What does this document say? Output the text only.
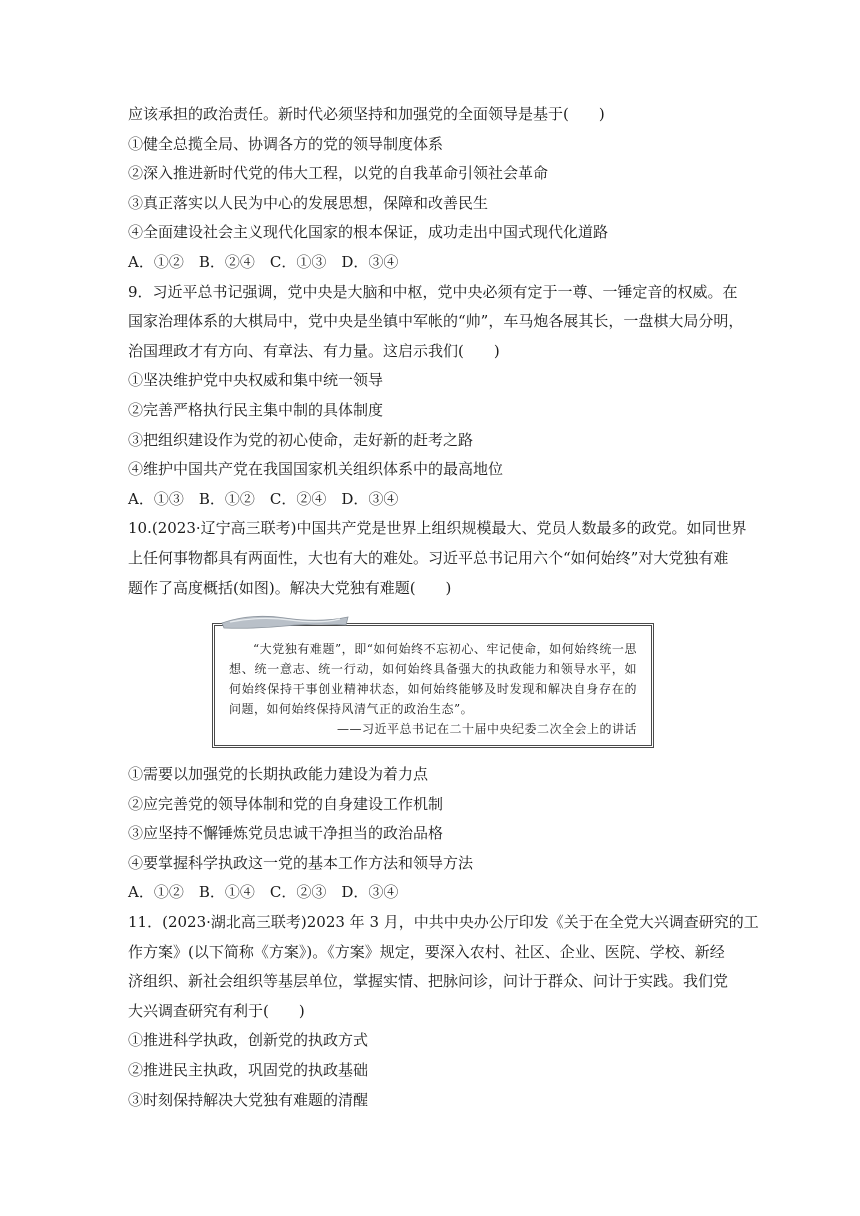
应该承担的政治责任。新时代必须坚持和加强党的全面领导是基于(　　)
①健全总揽全局、协调各方的党的领导制度体系
②深入推进新时代党的伟大工程，以党的自我革命引领社会革命
③真正落实以人民为中心的发展思想，保障和改善民生
④全面建设社会主义现代化国家的根本保证，成功走出中国式现代化道路
A．①②　B．②④　C．①③　D．③④
9．习近平总书记强调，党中央是大脑和中枢，党中央必须有定于一尊、一锤定音的权威。在
国家治理体系的大棋局中，党中央是坐镇中军帐的“帅”，车马炮各展其长，一盘棋大局分明，
治国理政才有方向、有章法、有力量。这启示我们(　　)
①坚决维护党中央权威和集中统一领导
②完善严格执行民主集中制的具体制度
③把组织建设作为党的初心使命，走好新的赶考之路
④维护中国共产党在我国国家机关组织体系中的最高地位
A．①③　B．①②　C．②④　D．③④
10.(2023·辽宁高三联考)中国共产党是世界上组织规模最大、党员人数最多的政党。如同世界
上任何事物都具有两面性，大也有大的难处。习近平总书记用六个“如何始终”对大党独有难
题作了高度概括(如图)。解决大党独有难题(　　)
“大党独有难题”，即“如何始终不忘初心、牢记使命，如何始终统一思想、统一意志、统一行动，如何始终具备强大的执政能力和领导水平，如何始终保持干事创业精神状态，如何始终能够及时发现和解决自身存在的问题，如何始终保持风清气正的政治生态”。
——习近平总书记在二十届中央纪委二次全会上的讲话
①需要以加强党的长期执政能力建设为着力点
②应完善党的领导体制和党的自身建设工作机制
③应坚持不懈锤炼党员忠诚干净担当的政治品格
④要掌握科学执政这一党的基本工作方法和领导方法
A．①②　B．①④　C．②③　D．③④
11．(2023·湖北高三联考)2023 年 3 月，中共中央办公厅印发《关于在全党大兴调查研究的工
作方案》(以下简称《方案》)。《方案》规定，要深入农村、社区、企业、医院、学校、新经
济组织、新社会组织等基层单位，掌握实情、把脉问诊，问计于群众、问计于实践。我们党
大兴调查研究有利于(　　)
①推进科学执政，创新党的执政方式
②推进民主执政，巩固党的执政基础
③时刻保持解决大党独有难题的清醒
